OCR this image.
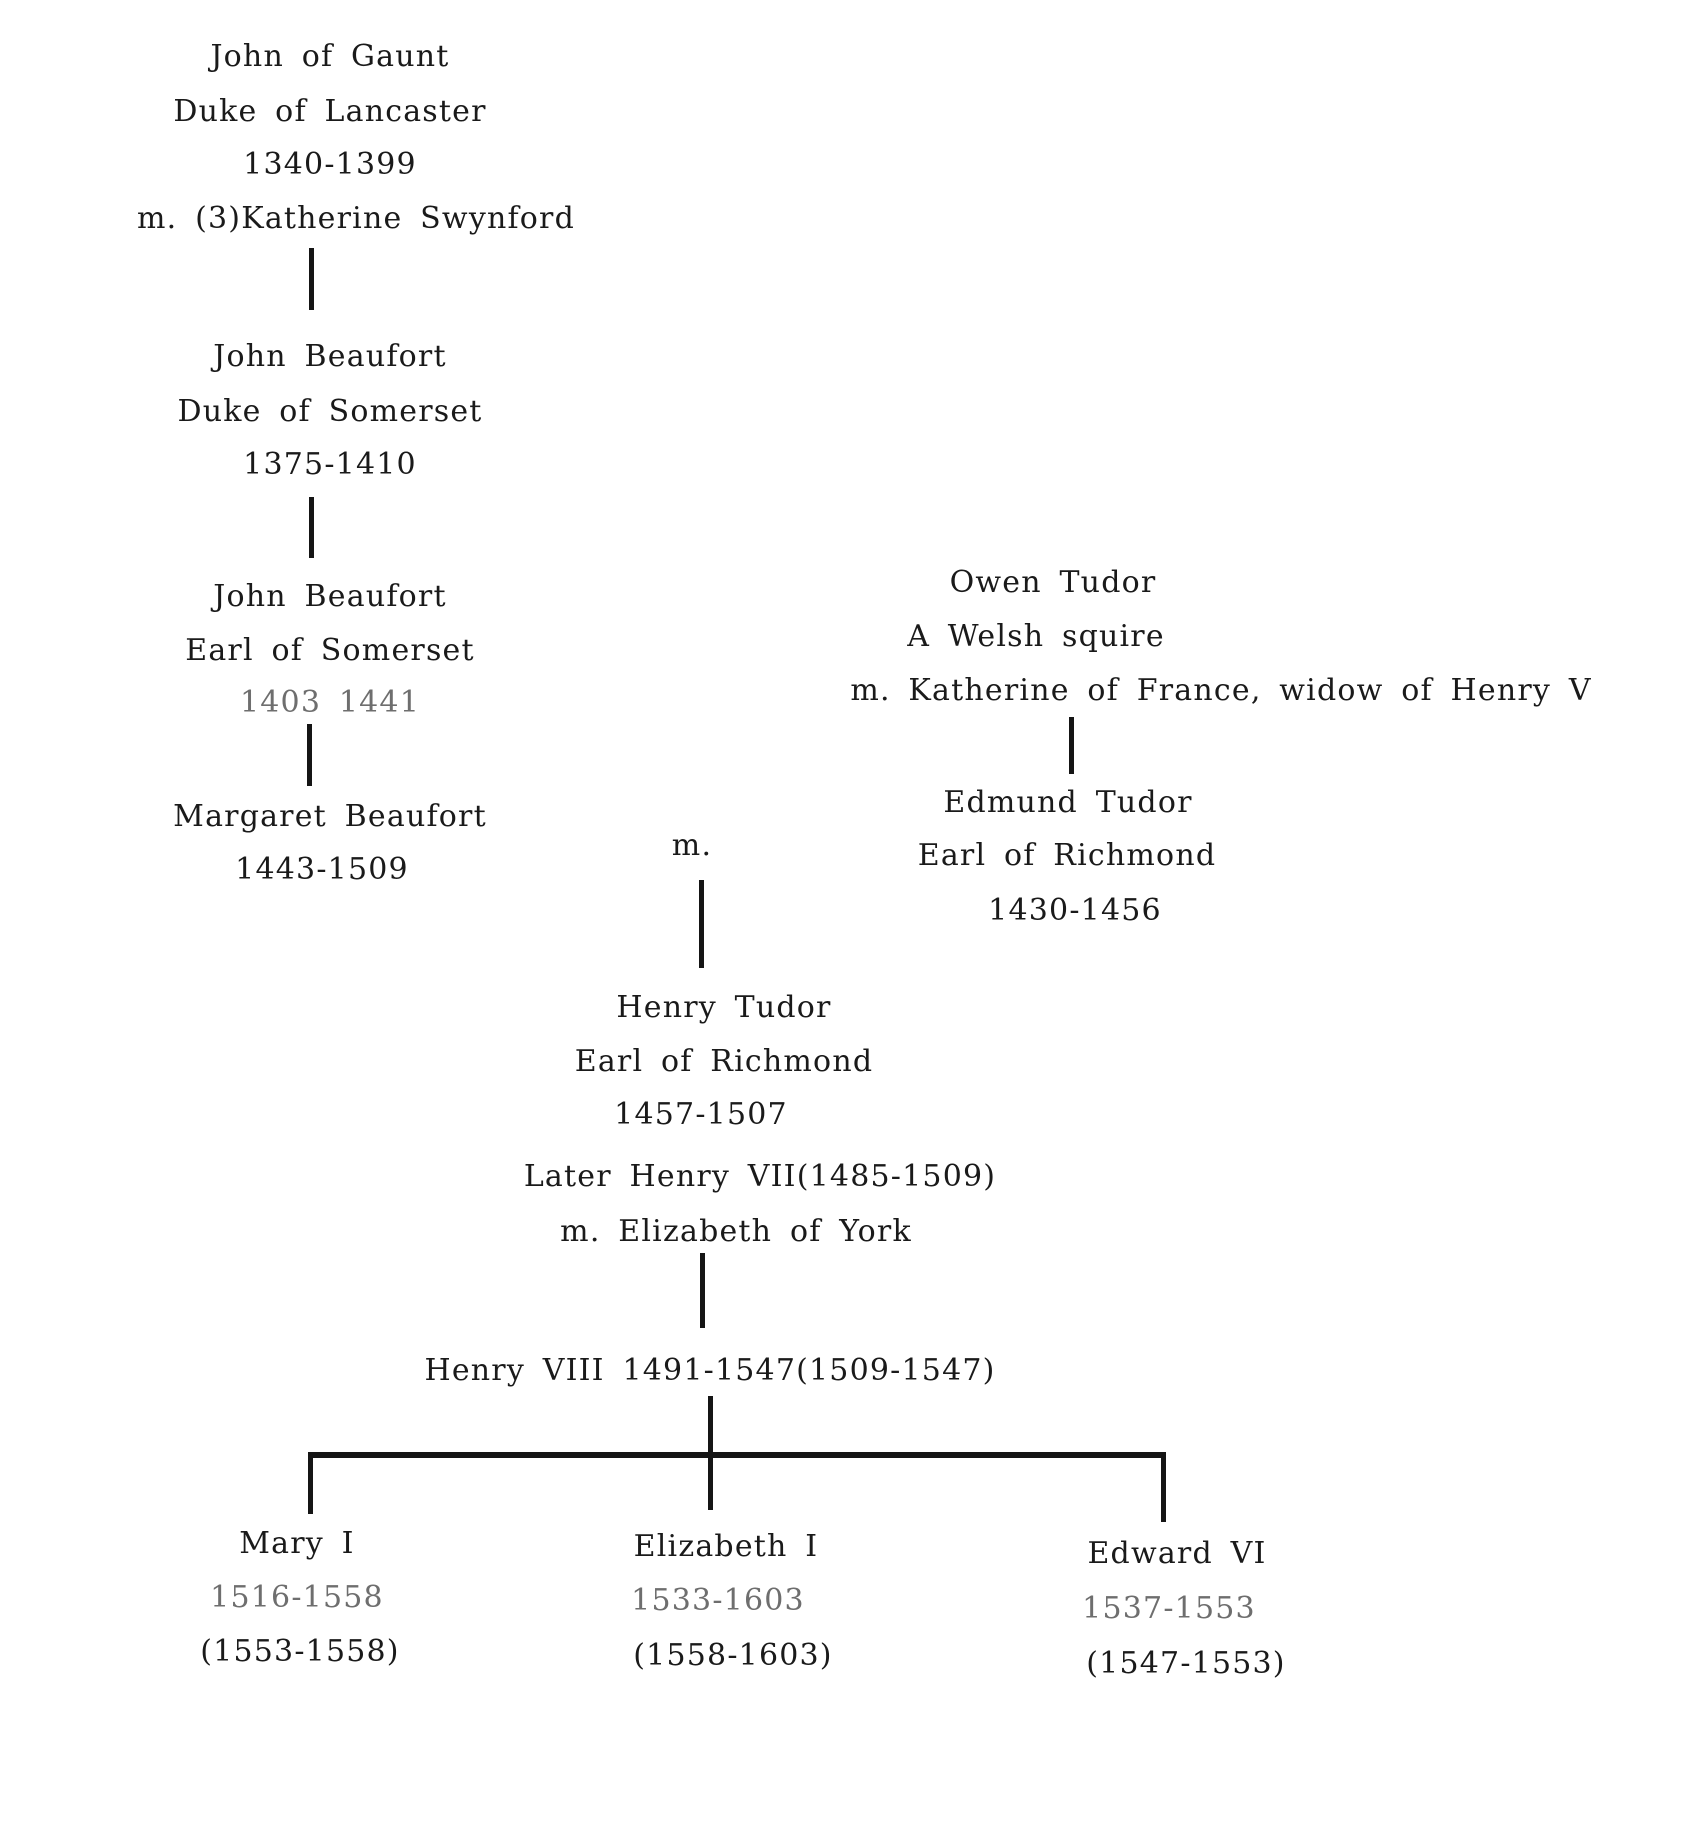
John of Gaunt
Duke of Lancaster
1340-1399
m. (3)Katherine Swynford
John Beaufort
Duke of Somerset
1375-1410
John Beaufort
Earl of Somerset
1403 1441
Margaret Beaufort
1443-1509
m.
Owen Tudor
A Welsh squire
m. Katherine of France, widow of Henry V
Edmund Tudor
Earl of Richmond
1430-1456
Henry Tudor
Earl of Richmond
1457-1507
Later Henry VII(1485-1509)
m. Elizabeth of York
Henry VIII 1491-1547(1509-1547)
Mary I
1516-1558
(1553-1558)
Elizabeth I
1533-1603
(1558-1603)
Edward VI
1537-1553
(1547-1553)
